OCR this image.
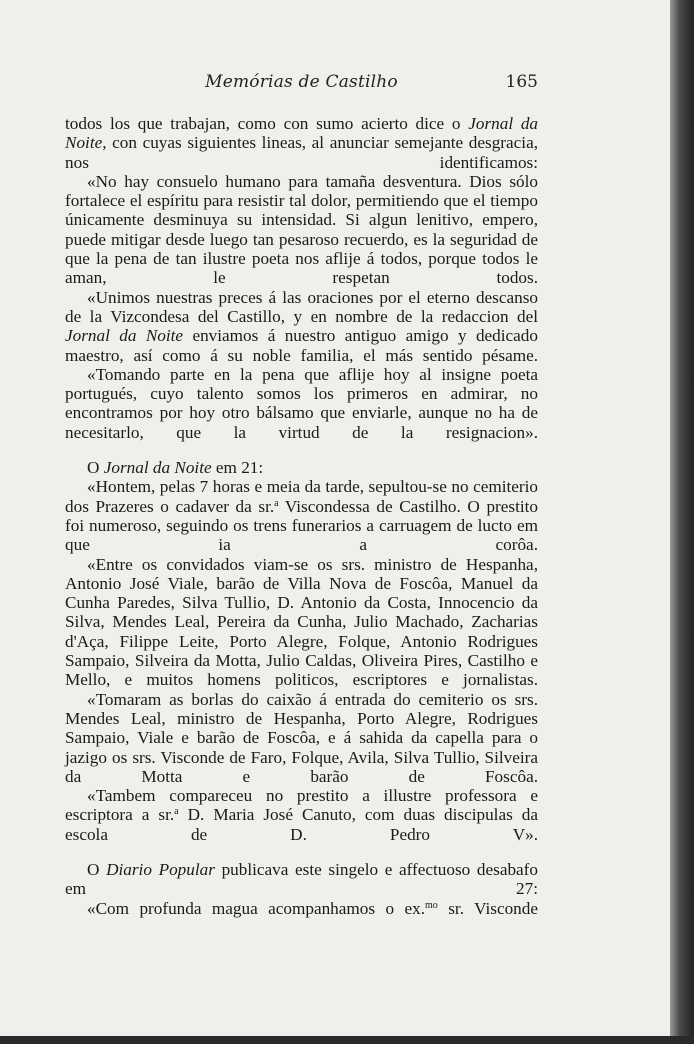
Memórias de Castilho	165

todos los que trabajan, como con sumo acierto dice o Jornal da Noite, con cuyas siguientes lineas, al anunciar semejante desgracia, nos identificamos:

«No hay consuelo humano para tamaña desventura. Dios sólo fortalece el espíritu para resistir tal dolor, permitiendo que el tiempo únicamente desminuya su intensidad. Si algun lenitivo, empero, puede mitigar desde luego tan pesaroso recuerdo, es la seguridad de que la pena de tan ilustre poeta nos aflije á todos, porque todos le aman, le respetan todos.

«Unimos nuestras preces á las oraciones por el eterno descanso de la Vizcondesa del Castillo, y en nombre de la redaccion del Jornal da Noite enviamos á nuestro antiguo amigo y dedicado maestro, así como á su noble familia, el más sentido pésame.

«Tomando parte en la pena que aflije hoy al insigne poeta portugués, cuyo talento somos los primeros en admirar, no encontramos por hoy otro bálsamo que enviarle, aunque no ha de necesitarlo, que la virtud de la resignacion».

O Jornal da Noite em 21:

«Hontem, pelas 7 horas e meia da tarde, sepultou-se no cemiterio dos Prazeres o cadaver da sr.$^a$ Viscondessa de Castilho. O prestito foi numeroso, seguindo os trens funerarios a carruagem de lucto em que ia a corôa.

«Entre os convidados viam-se os srs. ministro de Hespanha, Antonio José Viale, barão de Villa Nova de Foscôa, Manuel da Cunha Paredes, Silva Tullio, D. Antonio da Costa, Innocencio da Silva, Mendes Leal, Pereira da Cunha, Julio Machado, Zacharias d'Aça, Filippe Leite, Porto Alegre, Folque, Antonio Rodrigues Sampaio, Silveira da Motta, Julio Caldas, Oliveira Pires, Castilho e Mello, e muitos homens politicos, escriptores e jornalistas.

«Tomaram as borlas do caixão á entrada do cemiterio os srs. Mendes Leal, ministro de Hespanha, Porto Alegre, Rodrigues Sampaio, Viale e barão de Foscôa, e á sahida da capella para o jazigo os srs. Visconde de Faro, Folque, Avila, Silva Tullio, Silveira da Motta e barão de Foscôa.

«Tambem compareceu no prestito a illustre professora e escriptora a sr.$^a$ D. Maria José Canuto, com duas discipulas da escola de D. Pedro V».

O Diario Popular publicava este singelo e affectuoso desabafo em 27:

«Com profunda magua acompanhamos o ex.$^{mo}$ sr. Visconde
